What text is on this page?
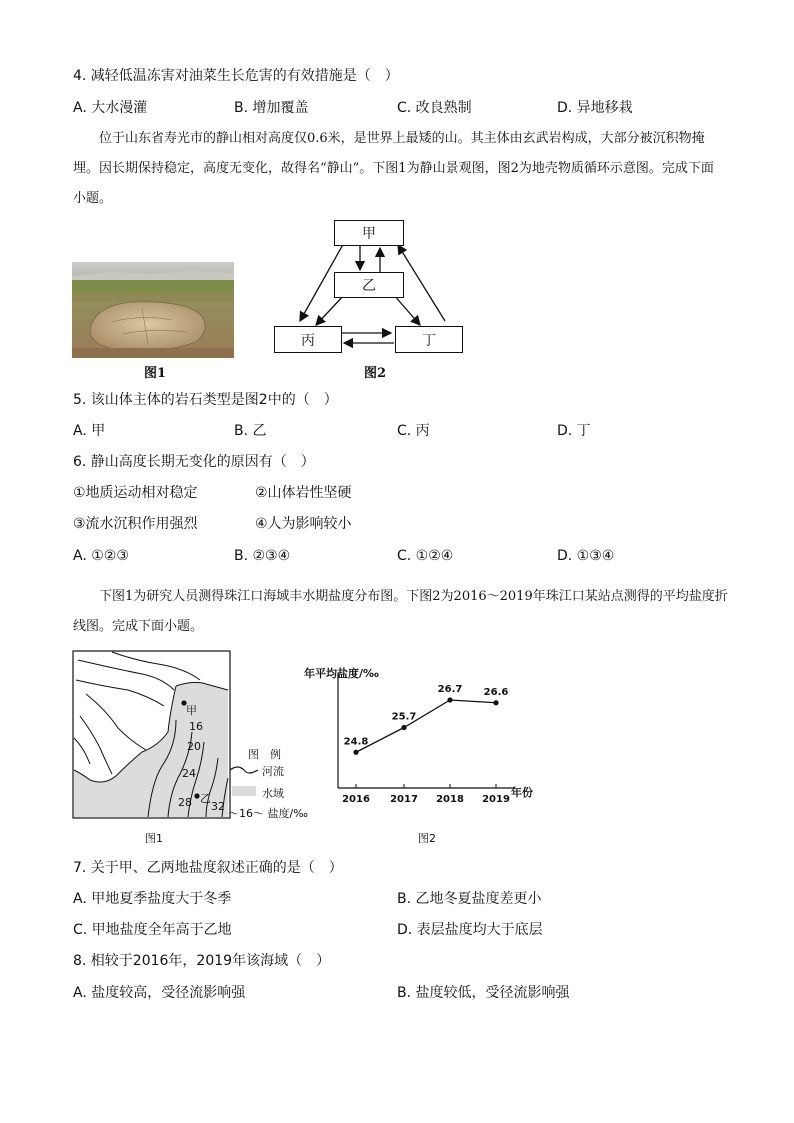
4. 减轻低温冻害对油菜生长危害的有效措施是（　）
A. 大水漫灌	B. 增加覆盖	C. 改良熟制	D. 异地移栽
位于山东省寿光市的静山相对高度仅0.6米，是世界上最矮的山。其主体由玄武岩构成，大部分被沉积物掩埋。因长期保持稳定，高度无变化，故得名“静山”。下图1为静山景观图，图2为地壳物质循环示意图。完成下面小题。
图1
甲
乙
丙	丁
图2
5. 该山体主体的岩石类型是图2中的（　）
A. 甲	B. 乙	C. 丙	D. 丁
6. 静山高度长期无变化的原因有（　）
①地质运动相对稳定	②山体岩性坚硬
③流水沉积作用强烈	④人为影响较小
A. ①②③	B. ②③④	C. ①②④	D. ①③④
下图1为研究人员测得珠江口海域丰水期盐度分布图。下图2为2016～2019年珠江口某站点测得的平均盐度折线图。完成下面小题。
甲
乙
16
20
24
28 32
图　例
河流
水域
～16～ 盐度/‰
图1
年平均盐度/‰
年份
2016 2017 2018 2019
24.8
25.7
26.7 26.6
图2
7. 关于甲、乙两地盐度叙述正确的是（　）
A. 甲地夏季盐度大于冬季	B. 乙地冬夏盐度差更小
C. 甲地盐度全年高于乙地	D. 表层盐度均大于底层
8. 相较于2016年，2019年该海域（　）
A. 盐度较高，受径流影响强	B. 盐度较低，受径流影响强
